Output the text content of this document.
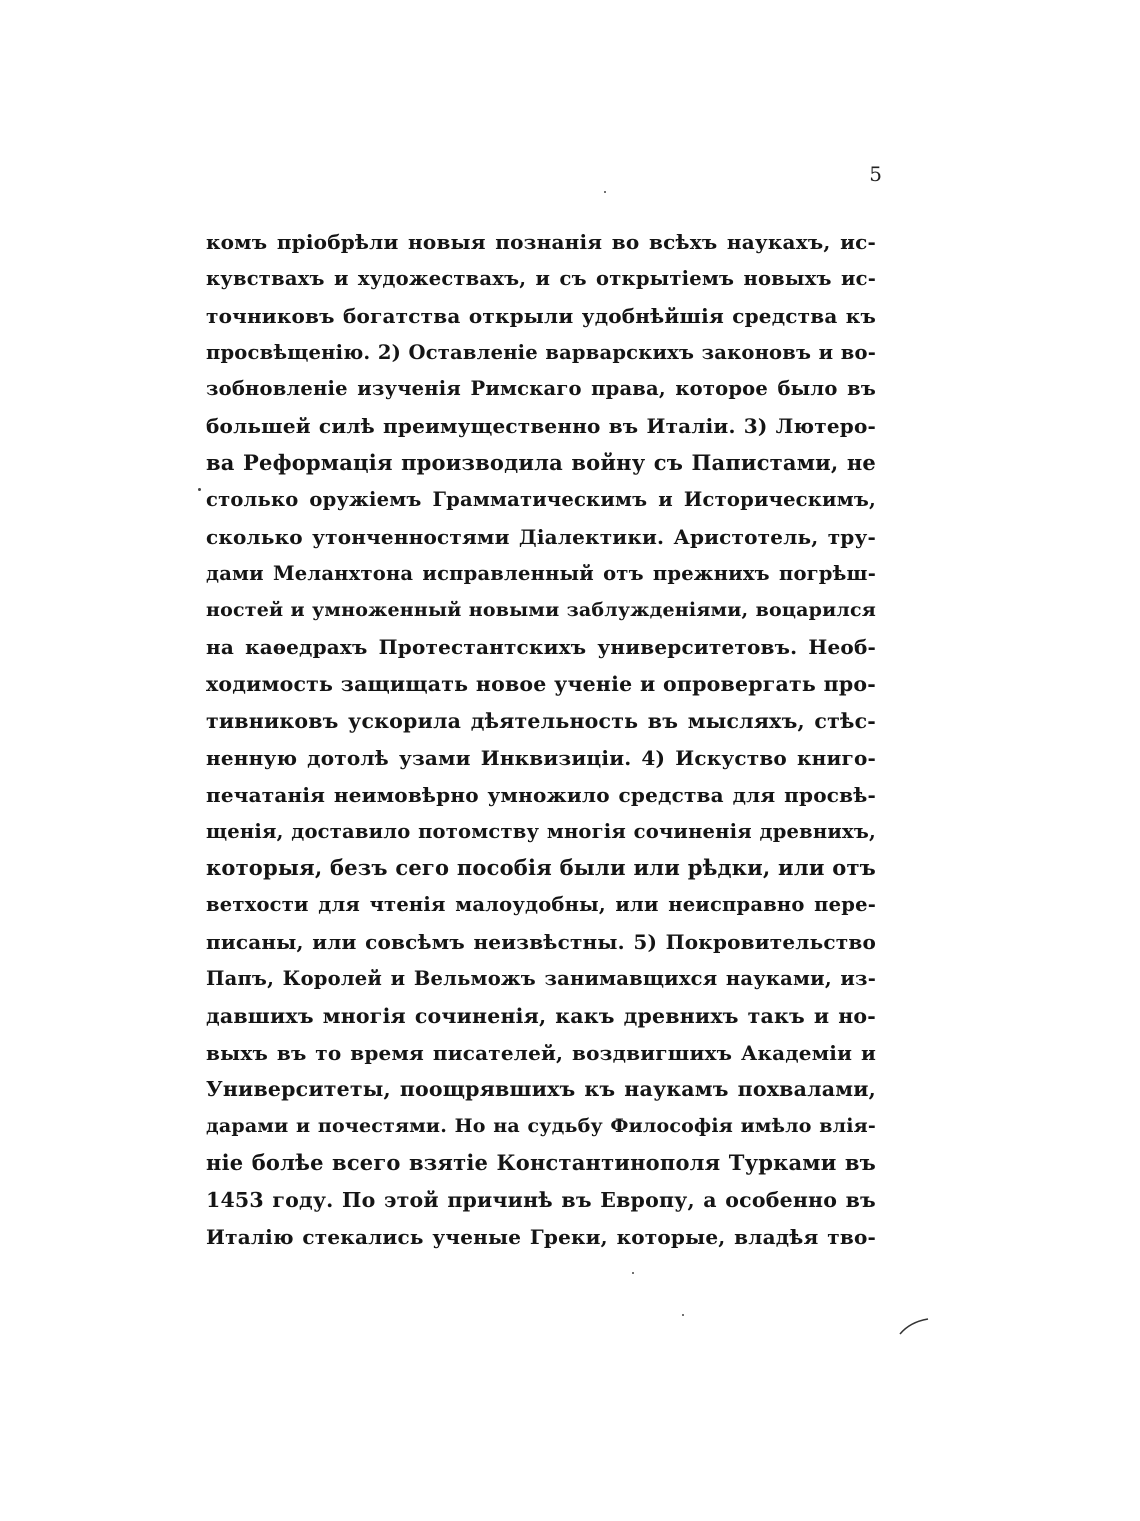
5
комъ пріобрѣли новыя познанія во всѣхъ наукахъ, ис-
кувствахъ и художествахъ, и съ открытіемъ новыхъ ис-
точниковъ богатства открыли удобнѣйшія средства къ
просвѣщенію. 2) Оставленіе варварскихъ законовъ и во-
зобновленіе изученія Римскаго права, которое было въ
большей силѣ преимущественно въ Италіи. 3) Лютеро-
ва Реформація производила войну съ Папистами, не
столько оружіемъ Грамматическимъ и Историческимъ,
сколько утонченностями Діалектики. Аристотель, тру-
дами Меланхтона исправленный отъ прежнихъ погрѣш-
ностей и умноженный новыми заблужденіями, воцарился
на каѳедрахъ Протестантскихъ университетовъ. Необ-
ходимость защищать новое ученіе и опровергать про-
тивниковъ ускорила дѣятельность въ мысляхъ, стѣс-
ненную дотолѣ узами Инквизиціи. 4) Искуство книго-
печатанія неимовѣрно умножило средства для просвѣ-
щенія, доставило потомству многія сочиненія древнихъ,
которыя, безъ сего пособія были или рѣдки, или отъ
ветхости для чтенія малоудобны, или неисправно пере-
писаны, или совсѣмъ неизвѣстны. 5) Покровительство
Папъ, Королей и Вельможъ занимавщихся науками, из-
давшихъ многія сочиненія, какъ древнихъ такъ и но-
выхъ въ то время писателей, воздвигшихъ Академіи и
Университеты, поощрявшихъ къ наукамъ похвалами,
дарами и почестями. Но на судьбу Философія имѣло влія-
ніе болѣе всего взятіе Константинополя Турками въ
1453 году. По этой причинѣ въ Европу, а особенно въ
Италію стекались ученые Греки, которые, владѣя тво-
